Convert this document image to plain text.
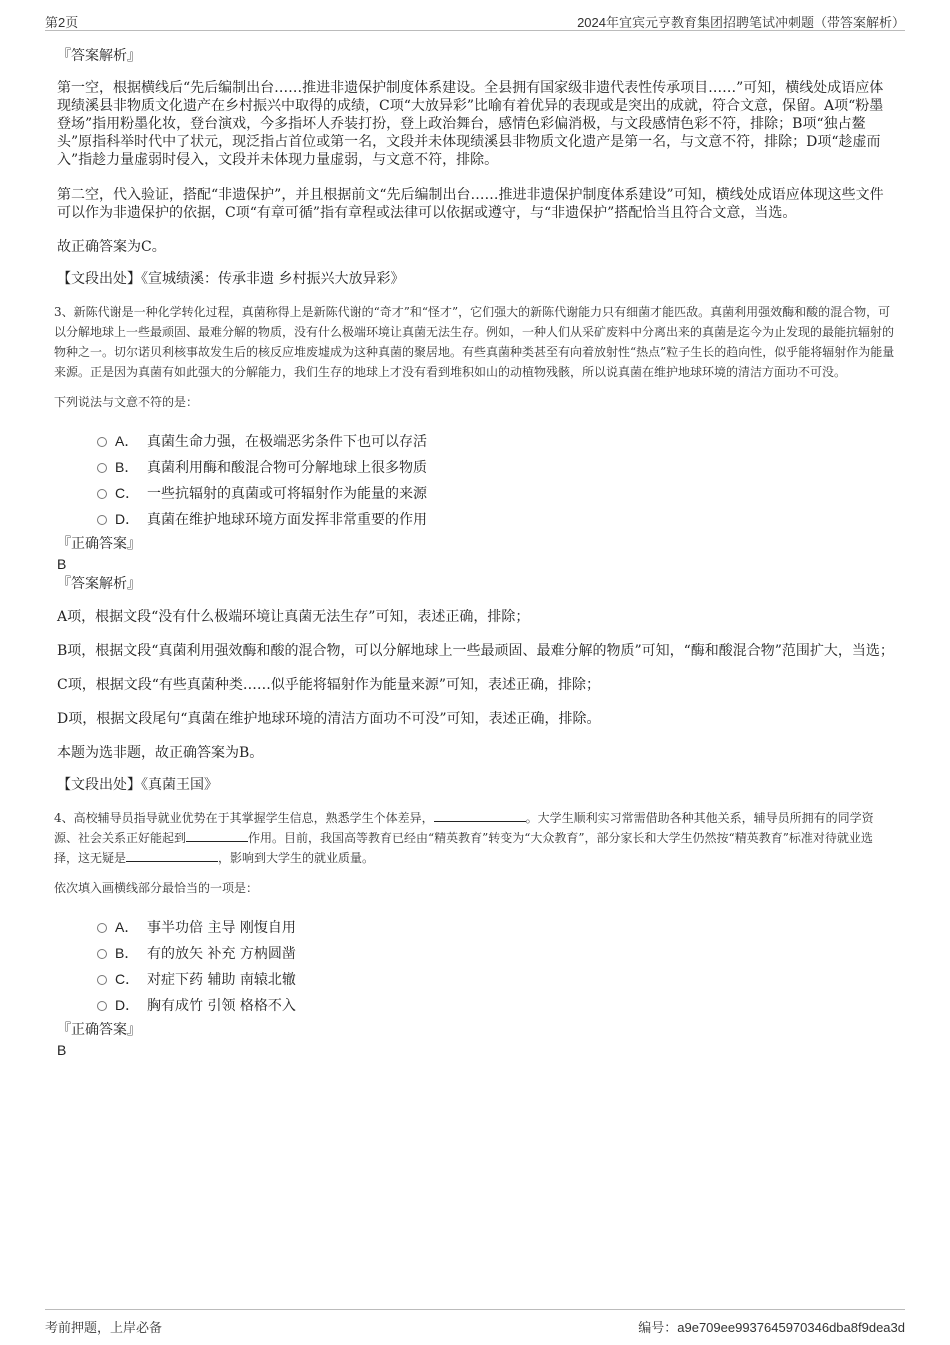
第2页	2024年宜宾元亨教育集团招聘笔试冲刺题（带答案解析）
『答案解析』

第一空，根据横线后“先后编制出台……推进非遗保护制度体系建设。全县拥有国家级非遗代表性传承项目……”可知，横线处成语应体现绩溪县非物质文化遗产在乡村振兴中取得的成绩，C项“大放异彩”比喻有着优异的表现或是突出的成就，符合文意，保留。A项“粉墨登场”指用粉墨化妆，登台演戏，今多指坏人乔装打扮，登上政治舞台，感情色彩偏消极，与文段感情色彩不符，排除；B项“独占鳌头”原指科举时代中了状元，现泛指占首位或第一名，文段并未体现绩溪县非物质文化遗产是第一名，与文意不符，排除；D项“趁虚而入”指趁力量虚弱时侵入，文段并未体现力量虚弱，与文意不符，排除。

第二空，代入验证，搭配“非遗保护”，并且根据前文“先后编制出台……推进非遗保护制度体系建设”可知，横线处成语应体现这些文件可以作为非遗保护的依据，C项“有章可循”指有章程或法律可以依据或遵守，与“非遗保护”搭配恰当且符合文意，当选。

故正确答案为C。

【文段出处】《宣城绩溪：传承非遗 乡村振兴大放异彩》

3、新陈代谢是一种化学转化过程，真菌称得上是新陈代谢的“奇才”和“怪才”，它们强大的新陈代谢能力只有细菌才能匹敌。真菌利用强效酶和酸的混合物，可以分解地球上一些最顽固、最难分解的物质，没有什么极端环境让真菌无法生存。例如，一种人们从采矿废料中分离出来的真菌是迄今为止发现的最能抗辐射的物种之一。切尔诺贝利核事故发生后的核反应堆废墟成为这种真菌的聚居地。有些真菌种类甚至有向着放射性“热点”粒子生长的趋向性，似乎能将辐射作为能量来源。正是因为真菌有如此强大的分解能力，我们生存的地球上才没有看到堆积如山的动植物残骸，所以说真菌在维护地球环境的清洁方面功不可没。

下列说法与文意不符的是：

A． 真菌生命力强，在极端恶劣条件下也可以存活
B． 真菌利用酶和酸混合物可分解地球上很多物质
C． 一些抗辐射的真菌或可将辐射作为能量的来源
D． 真菌在维护地球环境方面发挥非常重要的作用
『正确答案』
B
『答案解析』

A项，根据文段“没有什么极端环境让真菌无法生存”可知，表述正确，排除；

B项，根据文段“真菌利用强效酶和酸的混合物，可以分解地球上一些最顽固、最难分解的物质”可知，“酶和酸混合物”范围扩大，当选；

C项，根据文段“有些真菌种类……似乎能将辐射作为能量来源”可知，表述正确，排除；

D项，根据文段尾句“真菌在维护地球环境的清洁方面功不可没”可知，表述正确，排除。

本题为选非题，故正确答案为B。

【文段出处】《真菌王国》

4、高校辅导员指导就业优势在于其掌握学生信息，熟悉学生个体差异，	。大学生顺利实习常需借助各种其他关系，辅导员所拥有的同学资源、社会关系正好能起到	作用。目前，我国高等教育已经由“精英教育”转变为“大众教育”，部分家长和大学生仍然按“精英教育”标准对待就业选择，这无疑是	，影响到大学生的就业质量。

依次填入画横线部分最恰当的一项是：

A． 事半功倍 主导 刚愎自用
B． 有的放矢 补充 方枘圆凿
C． 对症下药 辅助 南辕北辙
D． 胸有成竹 引领 格格不入
『正确答案』
B
考前押题，上岸必备	编号：a9e709ee9937645970346dba8f9dea3d
